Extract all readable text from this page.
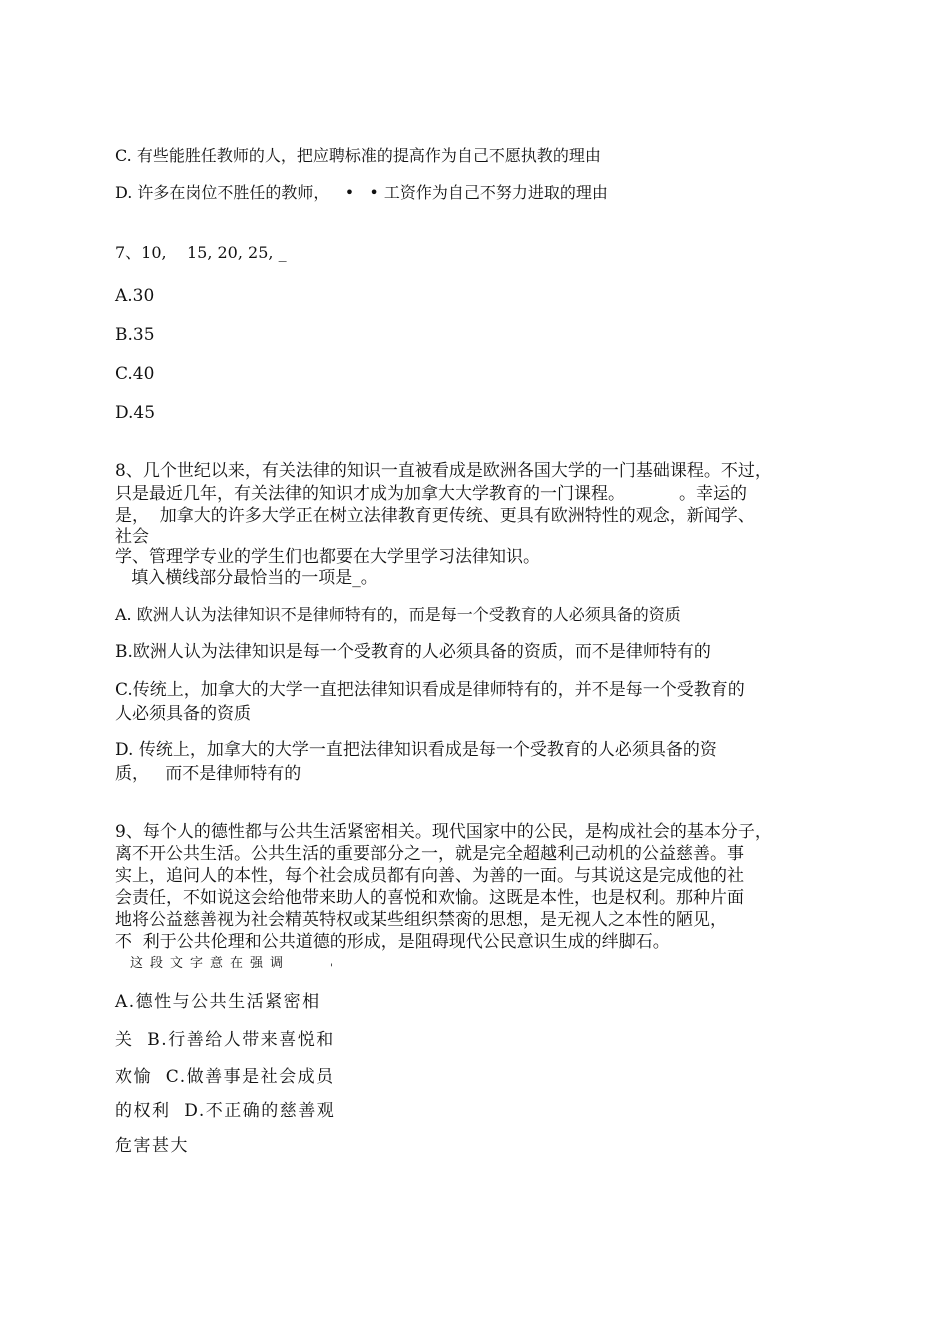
C. 有些能胜任教师的人，把应聘标准的提高作为自己不愿执教的理由

D. 许多在岗位不胜任的教师，   •   • 工资作为自己不努力进取的理由

7、10,    15, 20, 25, _

A.30

B.35

C.40

D.45

8、几个世纪以来，有关法律的知识一直被看成是欧洲各国大学的一门基础课程。不过，

只是最近几年，有关法律的知识才成为加拿大大学教育的一门课程。          。幸运的

是，  加拿大的许多大学正在树立法律教育更传统、更具有欧洲特性的观念，新闻学、

社会

学、管理学专业的学生们也都要在大学里学习法律知识。

填入横线部分最恰当的一项是_。

A. 欧洲人认为法律知识不是律师特有的，而是每一个受教育的人必须具备的资质

B.欧洲人认为法律知识是每一个受教育的人必须具备的资质，而不是律师特有的

C.传统上，加拿大的大学一直把法律知识看成是律师特有的，并不是每一个受教育的

人必须具备的资质

D. 传统上，加拿大的大学一直把法律知识看成是每一个受教育的人必须具备的资

质，   而不是律师特有的

9、每个人的德性都与公共生活紧密相关。现代国家中的公民，是构成社会的基本分子，

离不开公共生活。公共生活的重要部分之一，就是完全超越利己动机的公益慈善。事

实上，追问人的本性，每个社会成员都有向善、为善的一面。与其说这是完成他的社

会责任，不如说这会给他带来助人的喜悦和欢愉。这既是本性，也是权利。那种片面

地将公益慈善视为社会精英特权或某些组织禁脔的思想，是无视人之本性的陋见，

不  利于公共伦理和公共道德的形成，是阻碍现代公民意识生成的绊脚石。

这段文字意在强调	'

A.德性与公共生活紧密相

关  B.行善给人带来喜悦和

欢愉  C.做善事是社会成员

的权利  D.不正确的慈善观

危害甚大
